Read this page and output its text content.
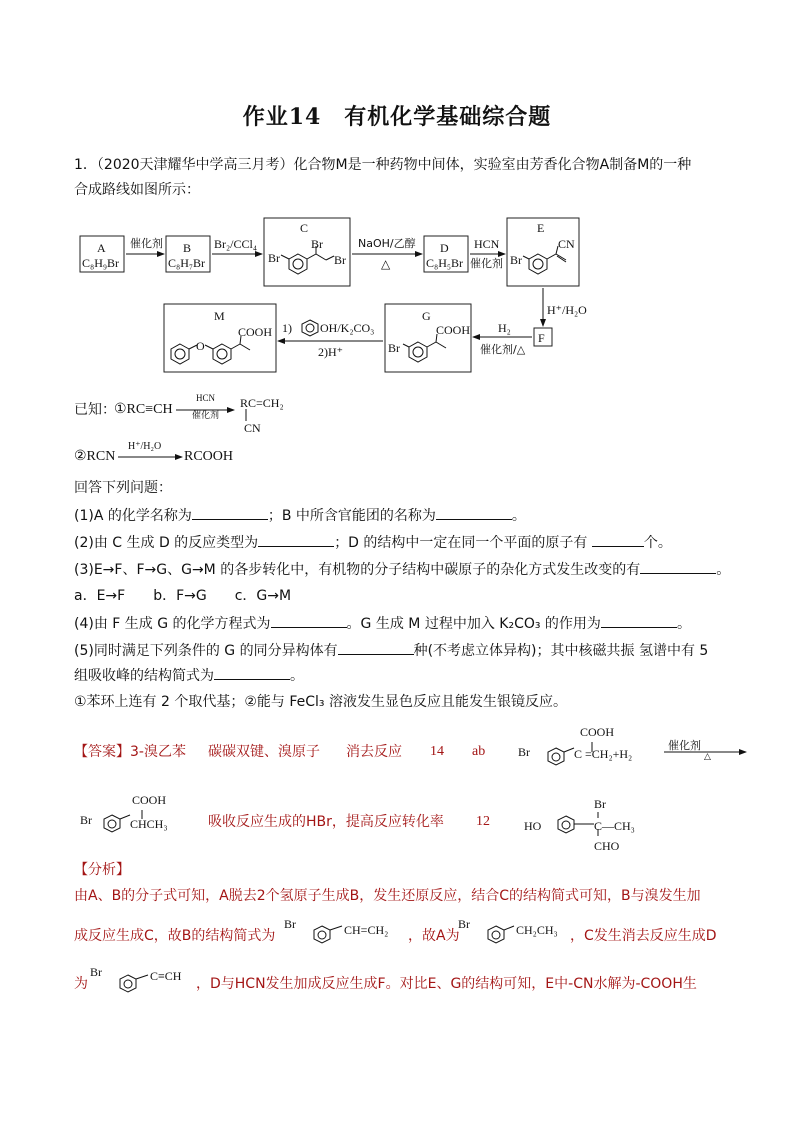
作业14　有机化学基础综合题
1．（2020天津耀华中学高三月考）化合物M是一种药物中间体，实验室由芳香化合物A制备M的一种
合成路线如图所示：
A
C₈H₉Br
B
C₈H₇Br
催化剂	Br₂/CCl₄
C
Br
Br	Br
NaOH/乙醇
△
D
C₈H₅Br
HCN
催化剂
E
CN
Br
H⁺/H₂O
F
H₂
催化剂/△
G
COOH
Br
1) OH/K₂CO₃
2)H⁺
M
COOH
O
已知：
①RC≡CH
HCN
催化剂
RC=CH₂
CN
②RCN
H⁺/H₂O
RCOOH
回答下列问题：
(1)A 的化学名称为	；B 中所含官能团的名称为	。
(2)由 C 生成 D 的反应类型为	；D 的结构中一定在同一个平面的原子有	个。
(3)E→F、F→G、G→M 的各步转化中，有机物的分子结构中碳原子的杂化方式发生改变的有	。
a．E→F　　b．F→G　　c．G→M
(4)由 F 生成 G 的化学方程式为	。G 生成 M 过程中加入 K₂CO₃ 的作用为	。
(5)同时满足下列条件的 G 的同分异构体有	种(不考虑立体异构)；其中核磁共振 氢谱中有 5
组吸收峰的结构简式为	。
①苯环上连有 2 个取代基；②能与 FeCl₃ 溶液发生显色反应且能发生银镜反应。
【答案】 3-溴乙苯 碳碳双键、溴原子 消去反应 14 ab	Br
COOH
C =CH₂+H₂
催化剂
△
Br
COOH
CHCH₃	吸收反应生成的HBr，提高反应转化率 12	HO
Br
C—CH₃
CHO
【分析】
由A、B的分子式可知，A脱去2个氢原子生成B，发生还原反应，结合C的结构简式可知，B与溴发生加
成反应生成C，故B的结构简式为
Br	CH=CH₂ ，故A为
Br	CH₂CH₃ ，C发生消去反应生成D
为
Br	C≡CH ，D与HCN发生加成反应生成F。对比E、G的结构可知，E中-CN水解为-COOH生
